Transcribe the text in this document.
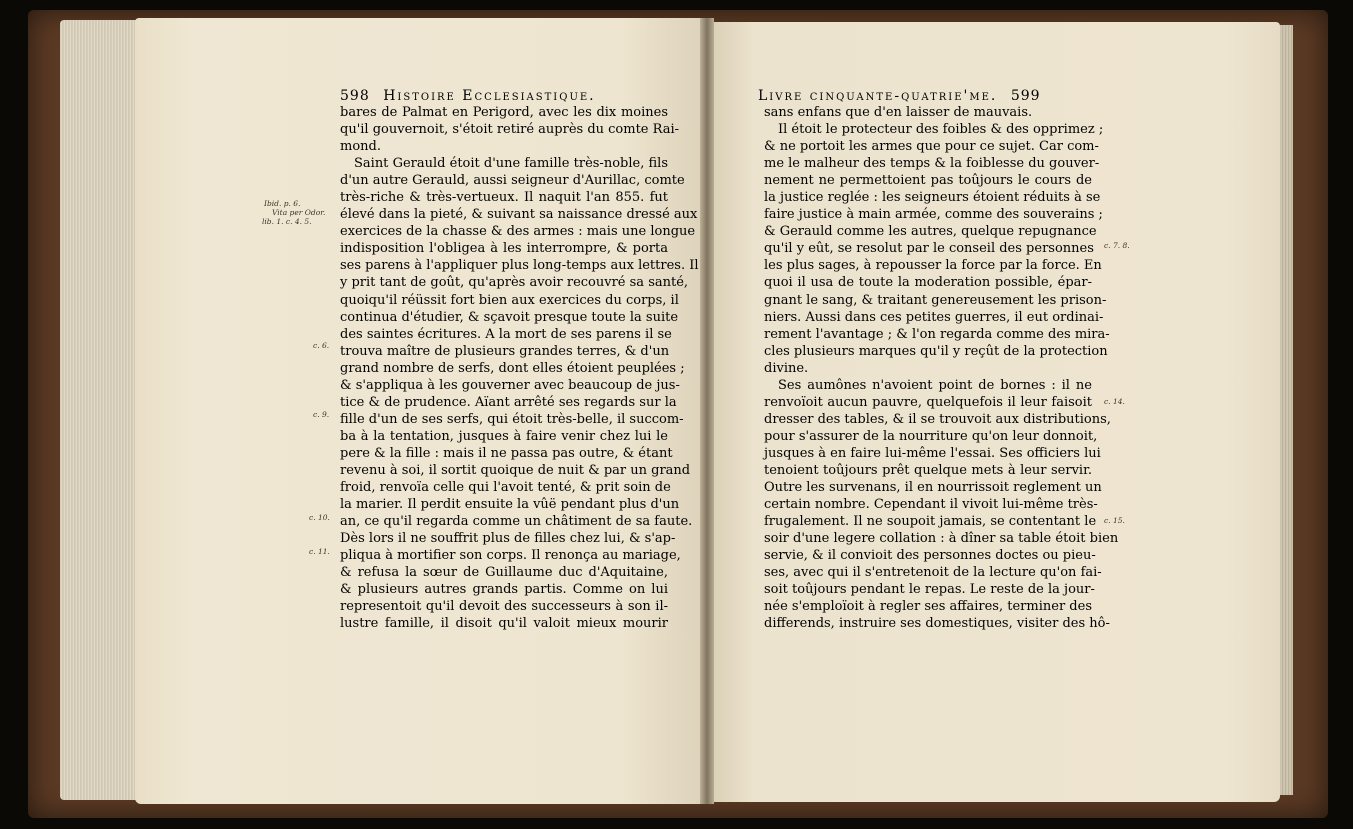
598 Histoire Ecclesiastique.
bares de Palmat en Perigord, avec les dix moines
qu'il gouvernoit, s'étoit retiré auprès du comte Rai-
mond.
Saint Gerauld étoit d'une famille très-noble, fils
d'un autre Gerauld, aussi seigneur d'Aurillac, comte
très-riche & très-vertueux. Il naquit l'an 855. fut
élevé dans la pieté, & suivant sa naissance dressé aux
exercices de la chasse & des armes : mais une longue
indisposition l'obligea à les interrompre, & porta
ses parens à l'appliquer plus long-temps aux lettres. Il
y prit tant de goût, qu'après avoir recouvré sa santé,
quoiqu'il réüssit fort bien aux exercices du corps, il
continua d'étudier, & sçavoit presque toute la suite
des saintes écritures. A la mort de ses parens il se
trouva maître de plusieurs grandes terres, & d'un
grand nombre de serfs, dont elles étoient peuplées ;
& s'appliqua à les gouverner avec beaucoup de jus-
tice & de prudence. Aïant arrêté ses regards sur la
fille d'un de ses serfs, qui étoit très-belle, il succom-
ba à la tentation, jusques à faire venir chez lui le
pere & la fille : mais il ne passa pas outre, & étant
revenu à soi, il sortit quoique de nuit & par un grand
froid, renvoïa celle qui l'avoit tenté, & prit soin de
la marier. Il perdit ensuite la vûë pendant plus d'un
an, ce qu'il regarda comme un châtiment de sa faute.
Dès lors il ne souffrit plus de filles chez lui, & s'ap-
pliqua à mortifier son corps. Il renonça au mariage,
& refusa la sœur de Guillaume duc d'Aquitaine,
& plusieurs autres grands partis. Comme on lui
representoit qu'il devoit des successeurs à son il-
lustre famille, il disoit qu'il valoit mieux mourir
Ibid. p. 6.
Vita per Odor.
lib. 1. c. 4. 5.
c. 6.
c. 9.
c. 10.
c. 11.
Livre cinquante-quatrie'me. 599
sans enfans que d'en laisser de mauvais.
Il étoit le protecteur des foibles & des opprimez ;
& ne portoit les armes que pour ce sujet. Car com-
me le malheur des temps & la foiblesse du gouver-
nement ne permettoient pas toûjours le cours de
la justice reglée : les seigneurs étoient réduits à se
faire justice à main armée, comme des souverains ;
& Gerauld comme les autres, quelque repugnance
qu'il y eût, se resolut par le conseil des personnes
les plus sages, à repousser la force par la force. En
quoi il usa de toute la moderation possible, épar-
gnant le sang, & traitant genereusement les prison-
niers. Aussi dans ces petites guerres, il eut ordinai-
rement l'avantage ; & l'on regarda comme des mira-
cles plusieurs marques qu'il y reçût de la protection
divine.
Ses aumônes n'avoient point de bornes : il ne
renvoïoit aucun pauvre, quelquefois il leur faisoit
dresser des tables, & il se trouvoit aux distributions,
pour s'assurer de la nourriture qu'on leur donnoit,
jusques à en faire lui-même l'essai. Ses officiers lui
tenoient toûjours prêt quelque mets à leur servir.
Outre les survenans, il en nourrissoit reglement un
certain nombre. Cependant il vivoit lui-même très-
frugalement. Il ne soupoit jamais, se contentant le
soir d'une legere collation : à dîner sa table étoit bien
servie, & il convioit des personnes doctes ou pieu-
ses, avec qui il s'entretenoit de la lecture qu'on fai-
soit toûjours pendant le repas. Le reste de la jour-
née s'emploïoit à regler ses affaires, terminer des
differends, instruire ses domestiques, visiter des hô-
c. 7. 8.
c. 14.
c. 15.
